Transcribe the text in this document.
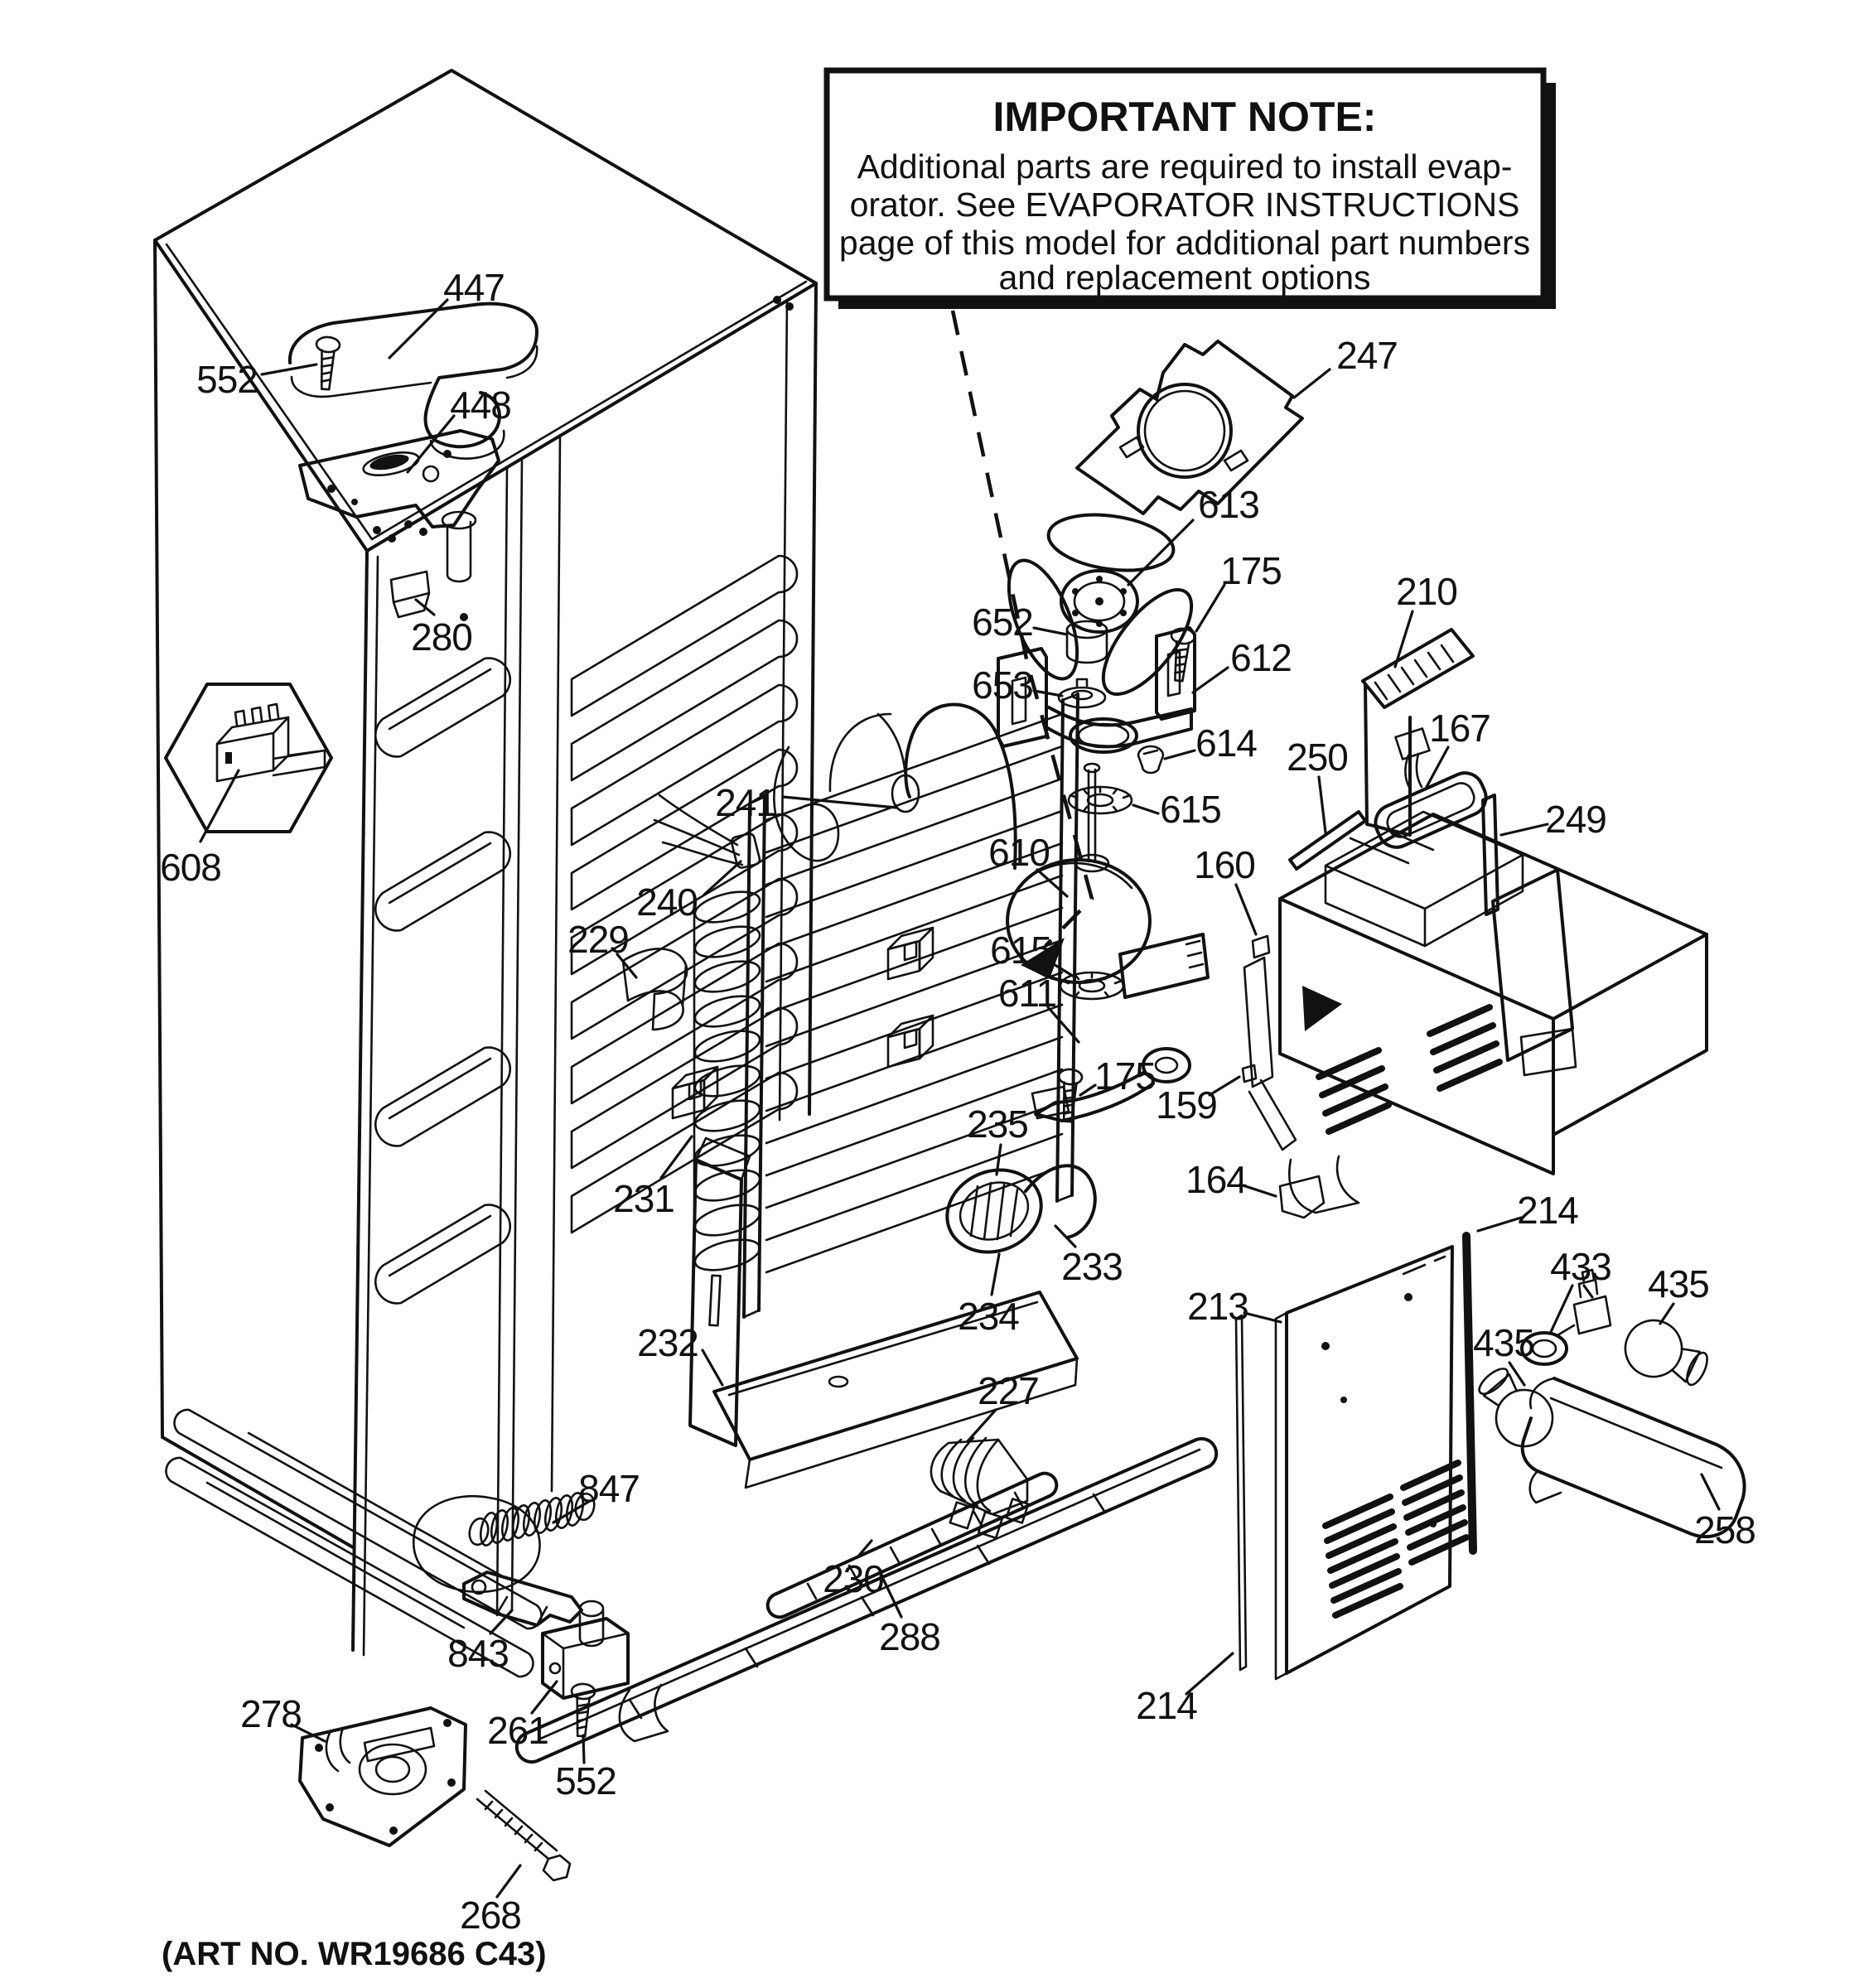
IMPORTANT NOTE:
Additional parts are required to install evap-
orator. See EVAPORATOR INSTRUCTIONS
page of this model for additional part numbers
and replacement options
447
552
448
280
608
241
240
229
231
232
235
234
233
175
227
230
288
847
843
261
552
278
268
247
613
175
652
653
612
614
615
250
610	160
615
611
210
167
249
159
164
214
433 435
435
258
213
214
(ART NO. WR19686 C43)
